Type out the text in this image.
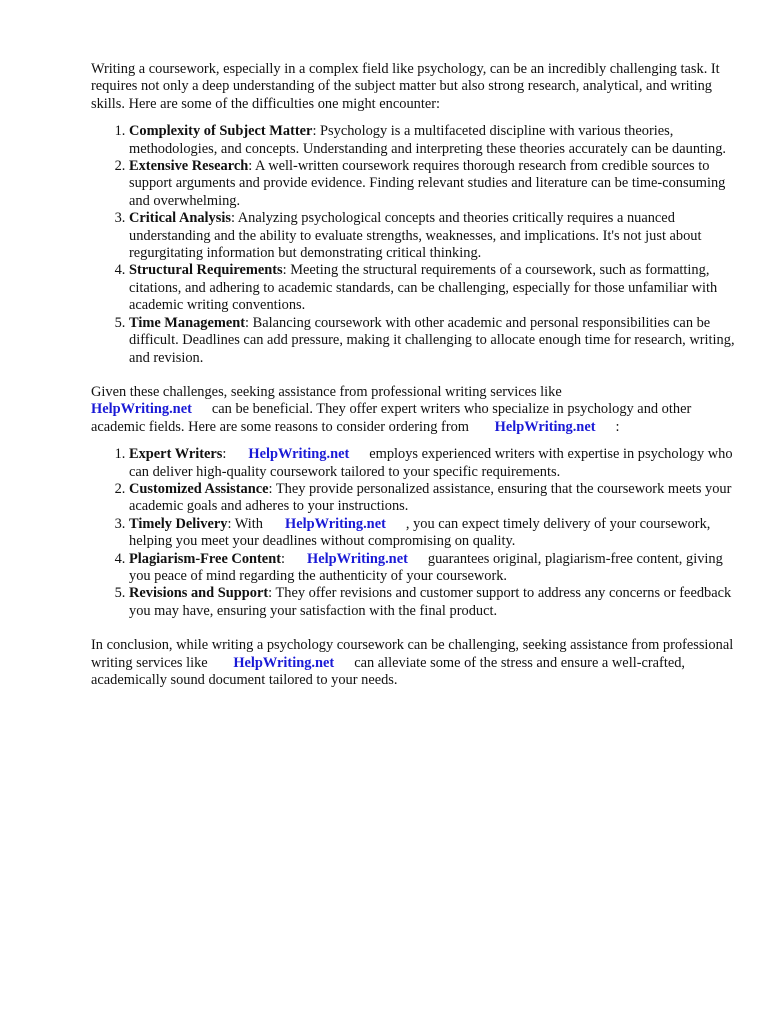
Writing a coursework, especially in a complex field like psychology, can be an incredibly challenging task. It requires not only a deep understanding of the subject matter but also strong research, analytical, and writing skills. Here are some of the difficulties one might encounter:

1. Complexity of Subject Matter: Psychology is a multifaceted discipline with various theories, methodologies, and concepts. Understanding and interpreting these theories accurately can be daunting.
2. Extensive Research: A well-written coursework requires thorough research from credible sources to support arguments and provide evidence. Finding relevant studies and literature can be time-consuming and overwhelming.
3. Critical Analysis: Analyzing psychological concepts and theories critically requires a nuanced understanding and the ability to evaluate strengths, weaknesses, and implications. It's not just about regurgitating information but demonstrating critical thinking.
4. Structural Requirements: Meeting the structural requirements of a coursework, such as formatting, citations, and adhering to academic standards, can be challenging, especially for those unfamiliar with academic writing conventions.
5. Time Management: Balancing coursework with other academic and personal responsibilities can be difficult. Deadlines can add pressure, making it challenging to allocate enough time for research, writing, and revision.

Given these challenges, seeking assistance from professional writing services like
HelpWriting.net can be beneficial. They offer expert writers who specialize in psychology and other academic fields. Here are some reasons to consider ordering from HelpWriting.net :

1. Expert Writers: HelpWriting.net employs experienced writers with expertise in psychology who can deliver high-quality coursework tailored to your specific requirements.
2. Customized Assistance: They provide personalized assistance, ensuring that the coursework meets your academic goals and adheres to your instructions.
3. Timely Delivery: With HelpWriting.net , you can expect timely delivery of your coursework, helping you meet your deadlines without compromising on quality.
4. Plagiarism-Free Content: HelpWriting.net guarantees original, plagiarism-free content, giving you peace of mind regarding the authenticity of your coursework.
5. Revisions and Support: They offer revisions and customer support to address any concerns or feedback you may have, ensuring your satisfaction with the final product.

In conclusion, while writing a psychology coursework can be challenging, seeking assistance from professional writing services like HelpWriting.net can alleviate some of the stress and ensure a well-crafted, academically sound document tailored to your needs.
